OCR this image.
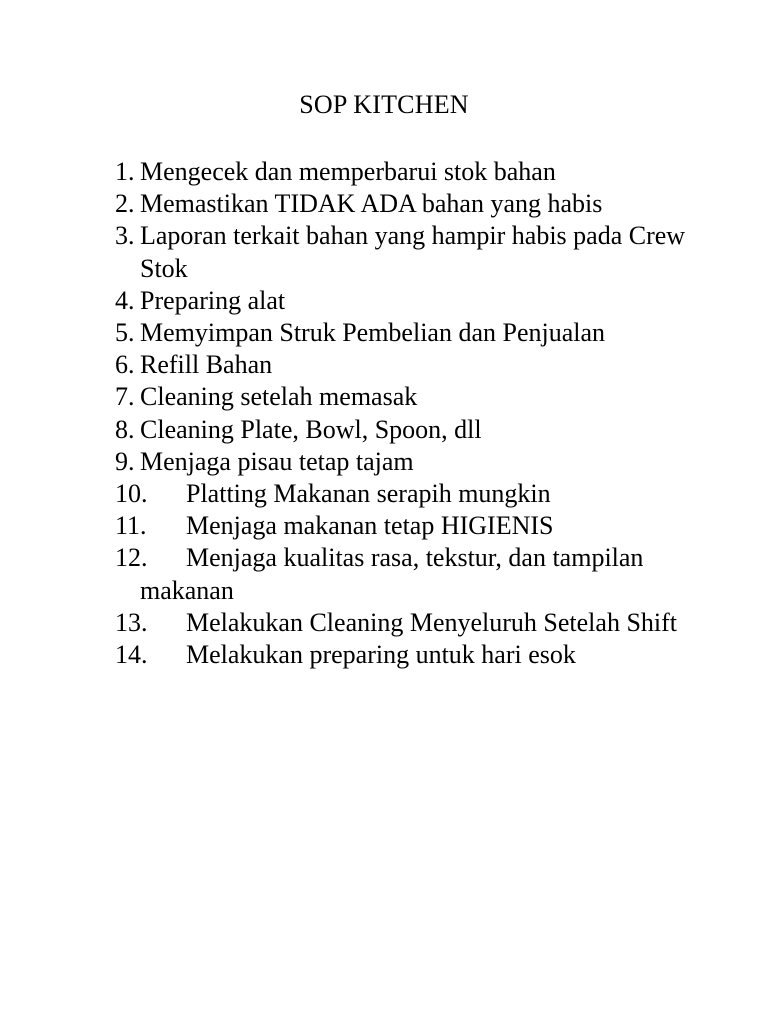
SOP KITCHEN
1. Mengecek dan memperbarui stok bahan
2. Memastikan TIDAK ADA bahan yang habis
3. Laporan terkait bahan yang hampir habis pada Crew Stok
4. Preparing alat
5. Memyimpan Struk Pembelian dan Penjualan
6. Refill Bahan
7. Cleaning setelah memasak
8. Cleaning Plate, Bowl, Spoon, dll
9. Menjaga pisau tetap tajam
10. Platting Makanan serapih mungkin
11. Menjaga makanan tetap HIGIENIS
12. Menjaga kualitas rasa, tekstur, dan tampilan makanan
13. Melakukan Cleaning Menyeluruh Setelah Shift
14. Melakukan preparing untuk hari esok
